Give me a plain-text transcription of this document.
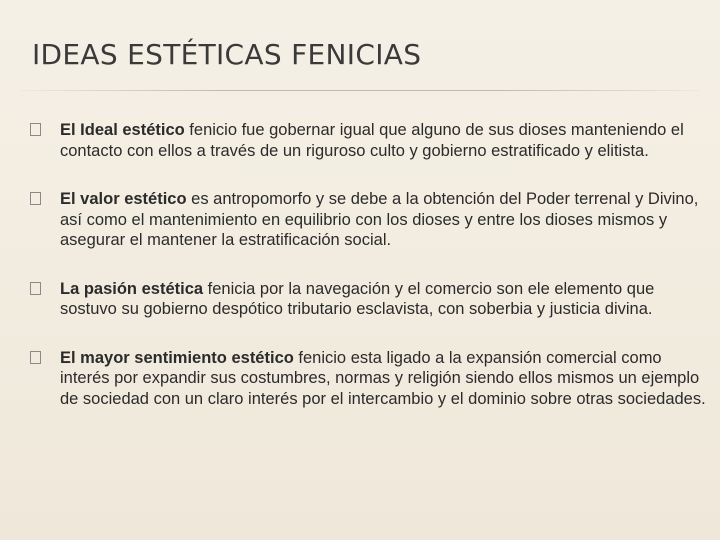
IDEAS ESTÉTICAS FENICIAS
El Ideal estético fenicio fue gobernar igual que alguno de sus dioses manteniendo el contacto con ellos a través de un riguroso culto y gobierno estratificado y elitista.
El valor estético es antropomorfo y se debe a la obtención del Poder terrenal y Divino, así como el mantenimiento en equilibrio con los dioses y entre los dioses mismos y asegurar el mantener la estratificación social.
La pasión estética fenicia por la navegación y el comercio son ele elemento que sostuvo su gobierno despótico tributario esclavista, con soberbia y justicia divina.
El mayor sentimiento estético fenicio esta ligado a la expansión comercial como interés por expandir sus costumbres, normas y religión siendo ellos mismos un ejemplo de sociedad con un claro interés por el intercambio y el dominio sobre otras sociedades.
